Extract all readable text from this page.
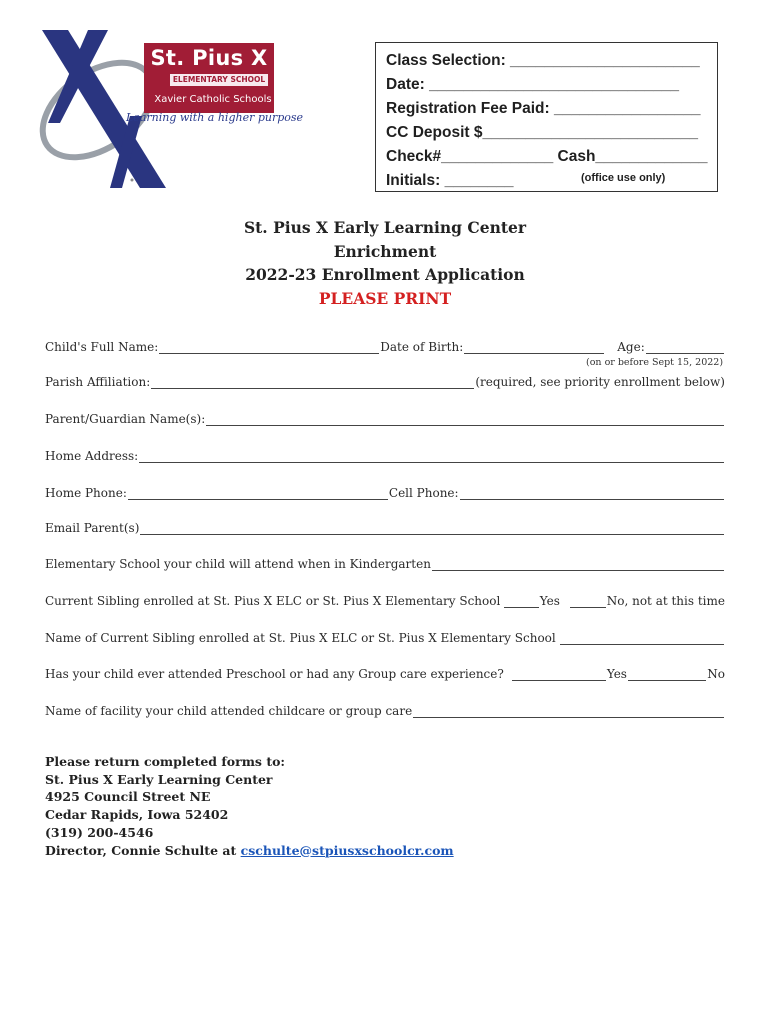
St. Pius X
ELEMENTARY SCHOOL
Xavier Catholic Schools
Learning with a higher purpose
Class Selection: ______________________
Date: _____________________________
Registration Fee Paid: _________________
CC Deposit $_________________________
Check#_____________ Cash_____________
Initials: ________	(office use only)
St. Pius X Early Learning Center
Enrichment
2022-23 Enrollment Application
PLEASE PRINT
Child's Full Name:	Date of Birth:	Age:
(on or before Sept 15, 2022)
Parish Affiliation:	(required, see priority enrollment below)
Parent/Guardian Name(s):
Home Address:
Home Phone:	Cell Phone:
Email Parent(s)
Elementary School your child will attend when in Kindergarten
Current Sibling enrolled at St. Pius X ELC or St. Pius X Elementary School	Yes	No, not at this time
Name of Current Sibling enrolled at St. Pius X ELC or St. Pius X Elementary School
Has your child ever attended Preschool or had any Group care experience?	Yes	No
Name of facility your child attended childcare or group care
Please return completed forms to:
St. Pius X Early Learning Center
4925 Council Street NE
Cedar Rapids, Iowa 52402
(319) 200-4546
Director, Connie Schulte at cschulte@stpiusxschoolcr.com
